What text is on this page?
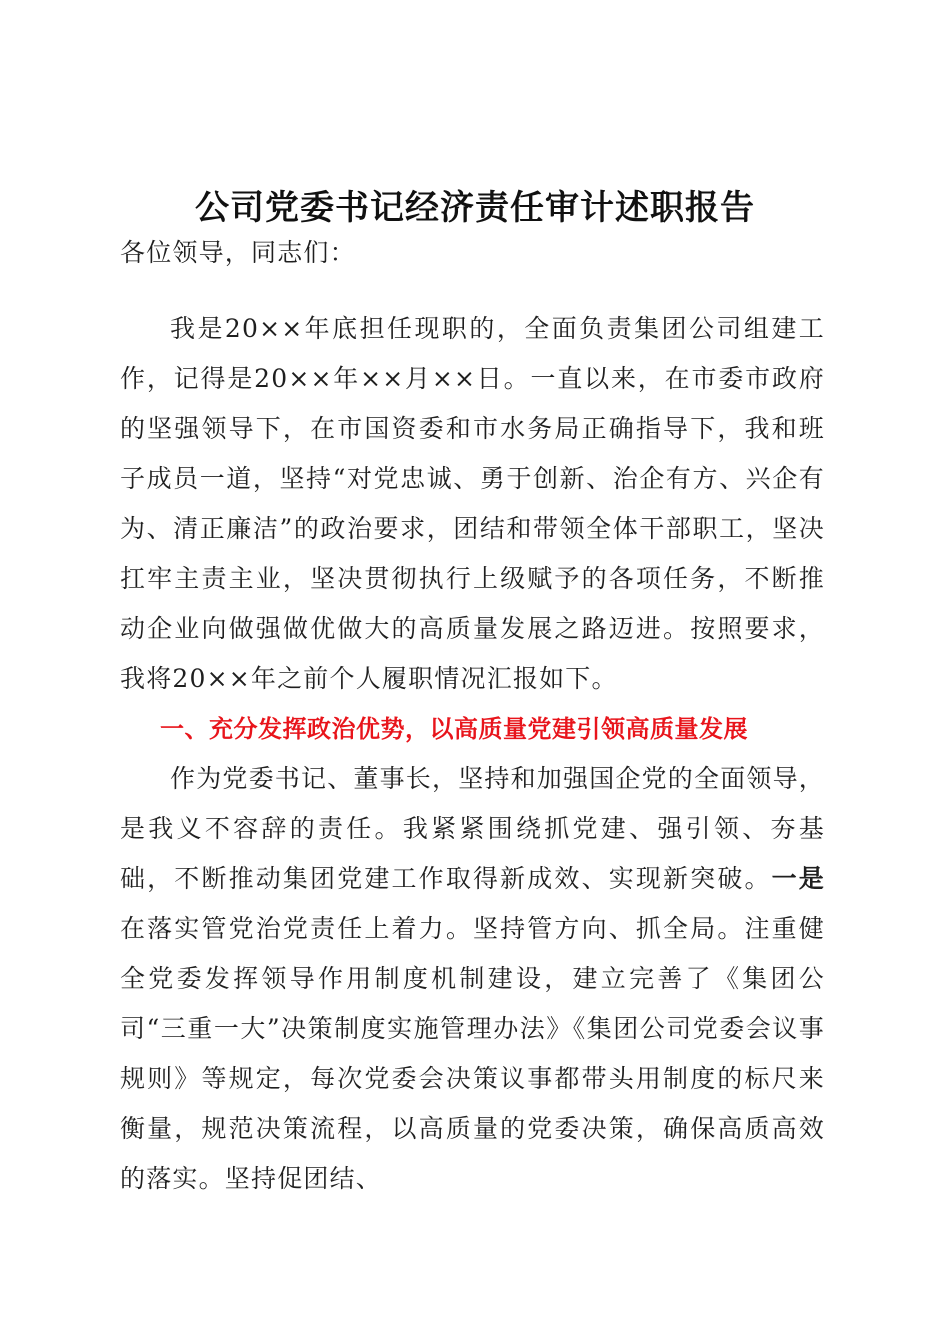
公司党委书记经济责任审计述职报告
各位领导，同志们：
我是20××年底担任现职的，全面负责集团公司组建工作，记得是20××年××月××日。一直以来，在市委市政府的坚强领导下，在市国资委和市水务局正确指导下，我和班子成员一道，坚持“对党忠诚、勇于创新、治企有方、兴企有为、清正廉洁”的政治要求，团结和带领全体干部职工，坚决扛牢主责主业，坚决贯彻执行上级赋予的各项任务，不断推动企业向做强做优做大的高质量发展之路迈进。按照要求，我将20××年之前个人履职情况汇报如下。
一、充分发挥政治优势，以高质量党建引领高质量发展
作为党委书记、董事长，坚持和加强国企党的全面领导，是我义不容辞的责任。我紧紧围绕抓党建、强引领、夯基础，不断推动集团党建工作取得新成效、实现新突破。一是在落实管党治党责任上着力。坚持管方向、抓全局。注重健全党委发挥领导作用制度机制建设，建立完善了《集团公司“三重一大”决策制度实施管理办法》《集团公司党委会议事规则》等规定，每次党委会决策议事都带头用制度的标尺来衡量，规范决策流程，以高质量的党委决策，确保高质高效的落实。坚持促团结、
